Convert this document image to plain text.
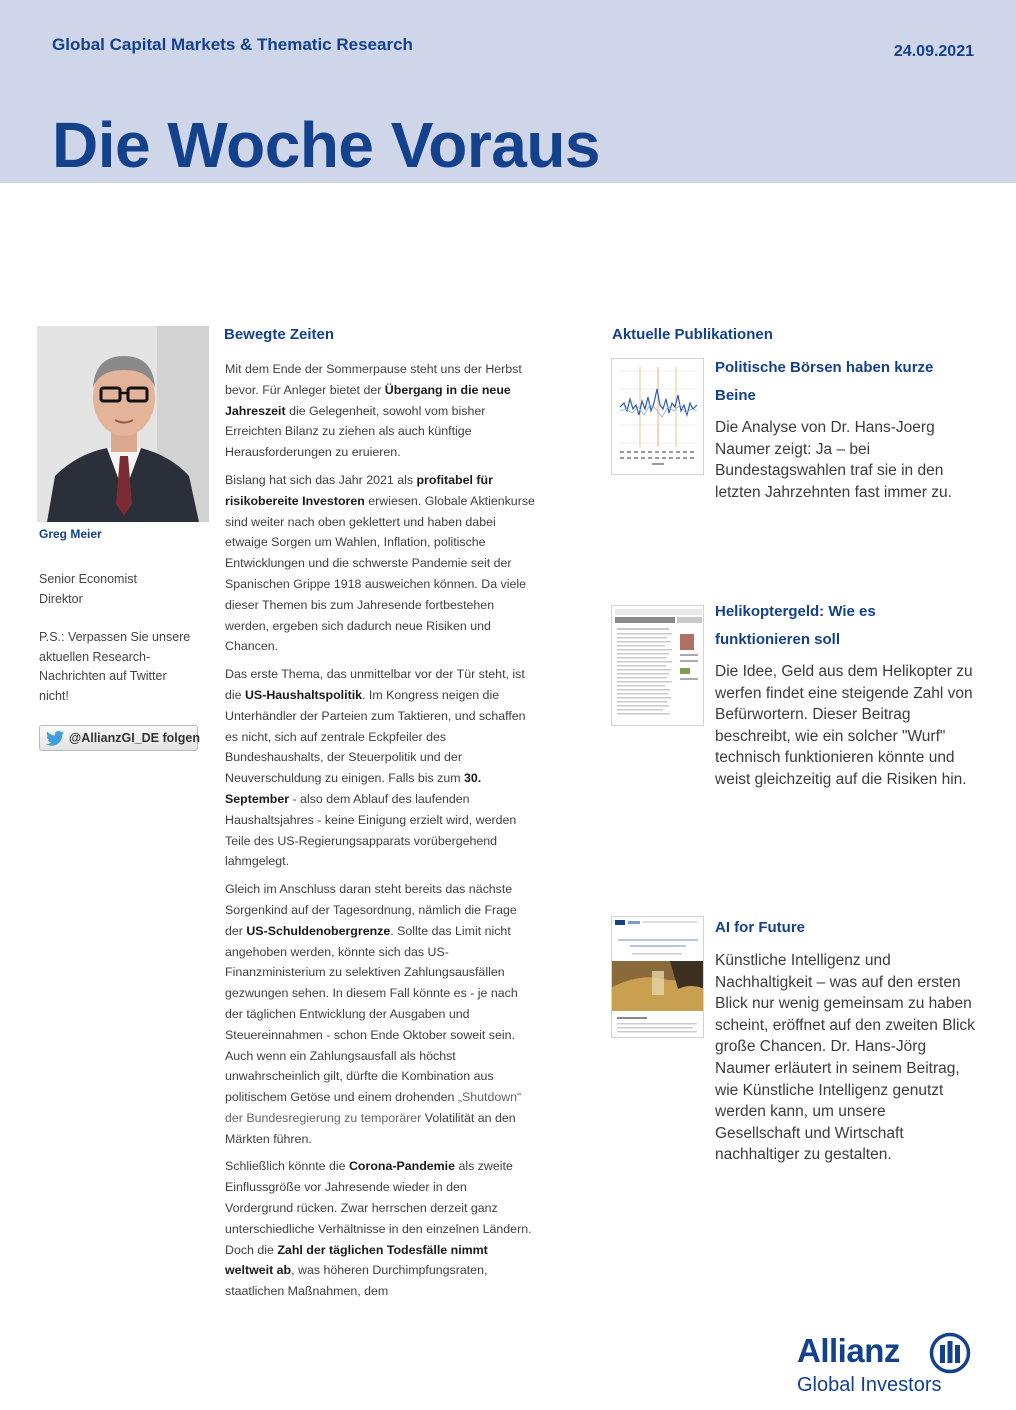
Global Capital Markets & Thematic Research	24.09.2021
Die Woche Voraus
Greg Meier
Senior Economist
Direktor
P.S.: Verpassen Sie unsere aktuellen Research-Nachrichten auf Twitter nicht!
@AllianzGI_DE folgen
Bewegte Zeiten

Mit dem Ende der Sommerpause steht uns der Herbst bevor. Für Anleger bietet der Übergang in die neue Jahreszeit die Gelegenheit, sowohl vom bisher Erreichten Bilanz zu ziehen als auch künftige Herausforderungen zu eruieren.

Bislang hat sich das Jahr 2021 als profitabel für risikobereite Investoren erwiesen. Globale Aktienkurse sind weiter nach oben geklettert und haben dabei etwaige Sorgen um Wahlen, Inflation, politische Entwicklungen und die schwerste Pandemie seit der Spanischen Grippe 1918 ausweichen können. Da viele dieser Themen bis zum Jahresende fortbestehen werden, ergeben sich dadurch neue Risiken und Chancen.

Das erste Thema, das unmittelbar vor der Tür steht, ist die US-Haushaltspolitik. Im Kongress neigen die Unterhändler der Parteien zum Taktieren, und schaffen es nicht, sich auf zentrale Eckpfeiler des Bundeshaushalts, der Steuerpolitik und der Neuverschuldung zu einigen. Falls bis zum 30. September - also dem Ablauf des laufenden Haushaltsjahres - keine Einigung erzielt wird, werden Teile des US-Regierungsapparats vorübergehend lahmgelegt.

Gleich im Anschluss daran steht bereits das nächste Sorgenkind auf der Tagesordnung, nämlich die Frage der US-Schuldenobergrenze. Sollte das Limit nicht angehoben werden, könnte sich das US-Finanzministerium zu selektiven Zahlungsausfällen gezwungen sehen. In diesem Fall könnte es - je nach der täglichen Entwicklung der Ausgaben und Steuereinnahmen - schon Ende Oktober soweit sein. Auch wenn ein Zahlungsausfall als höchst unwahrscheinlich gilt, dürfte die Kombination aus politischem Getöse und einem drohenden „Shutdown“ der Bundesregierung zu temporärer Volatilität an den Märkten führen.

Schließlich könnte die Corona-Pandemie als zweite Einflussgröße vor Jahresende wieder in den Vordergrund rücken. Zwar herrschen derzeit ganz unterschiedliche Verhältnisse in den einzelnen Ländern. Doch die Zahl der täglichen Todesfälle nimmt weltweit ab, was höheren Durchimpfungsraten, staatlichen Maßnahmen, dem

Aktuelle Publikationen
Politische Börsen haben kurze Beine
Die Analyse von Dr. Hans-Joerg Naumer zeigt: Ja – bei Bundestagswahlen traf sie in den letzten Jahrzehnten fast immer zu.
Helikoptergeld: Wie es funktionieren soll
Die Idee, Geld aus dem Helikopter zu werfen findet eine steigende Zahl von Befürwortern. Dieser Beitrag beschreibt, wie ein solcher "Wurf" technisch funktionieren könnte und weist gleichzeitig auf die Risiken hin.
AI for Future
Künstliche Intelligenz und Nachhaltigkeit – was auf den ersten Blick nur wenig gemeinsam zu haben scheint, eröffnet auf den zweiten Blick große Chancen. Dr. Hans-Jörg Naumer erläutert in seinem Beitrag, wie Künstliche Intelligenz genutzt werden kann, um unsere Gesellschaft und Wirtschaft nachhaltiger zu gestalten.
Allianz
Global Investors
